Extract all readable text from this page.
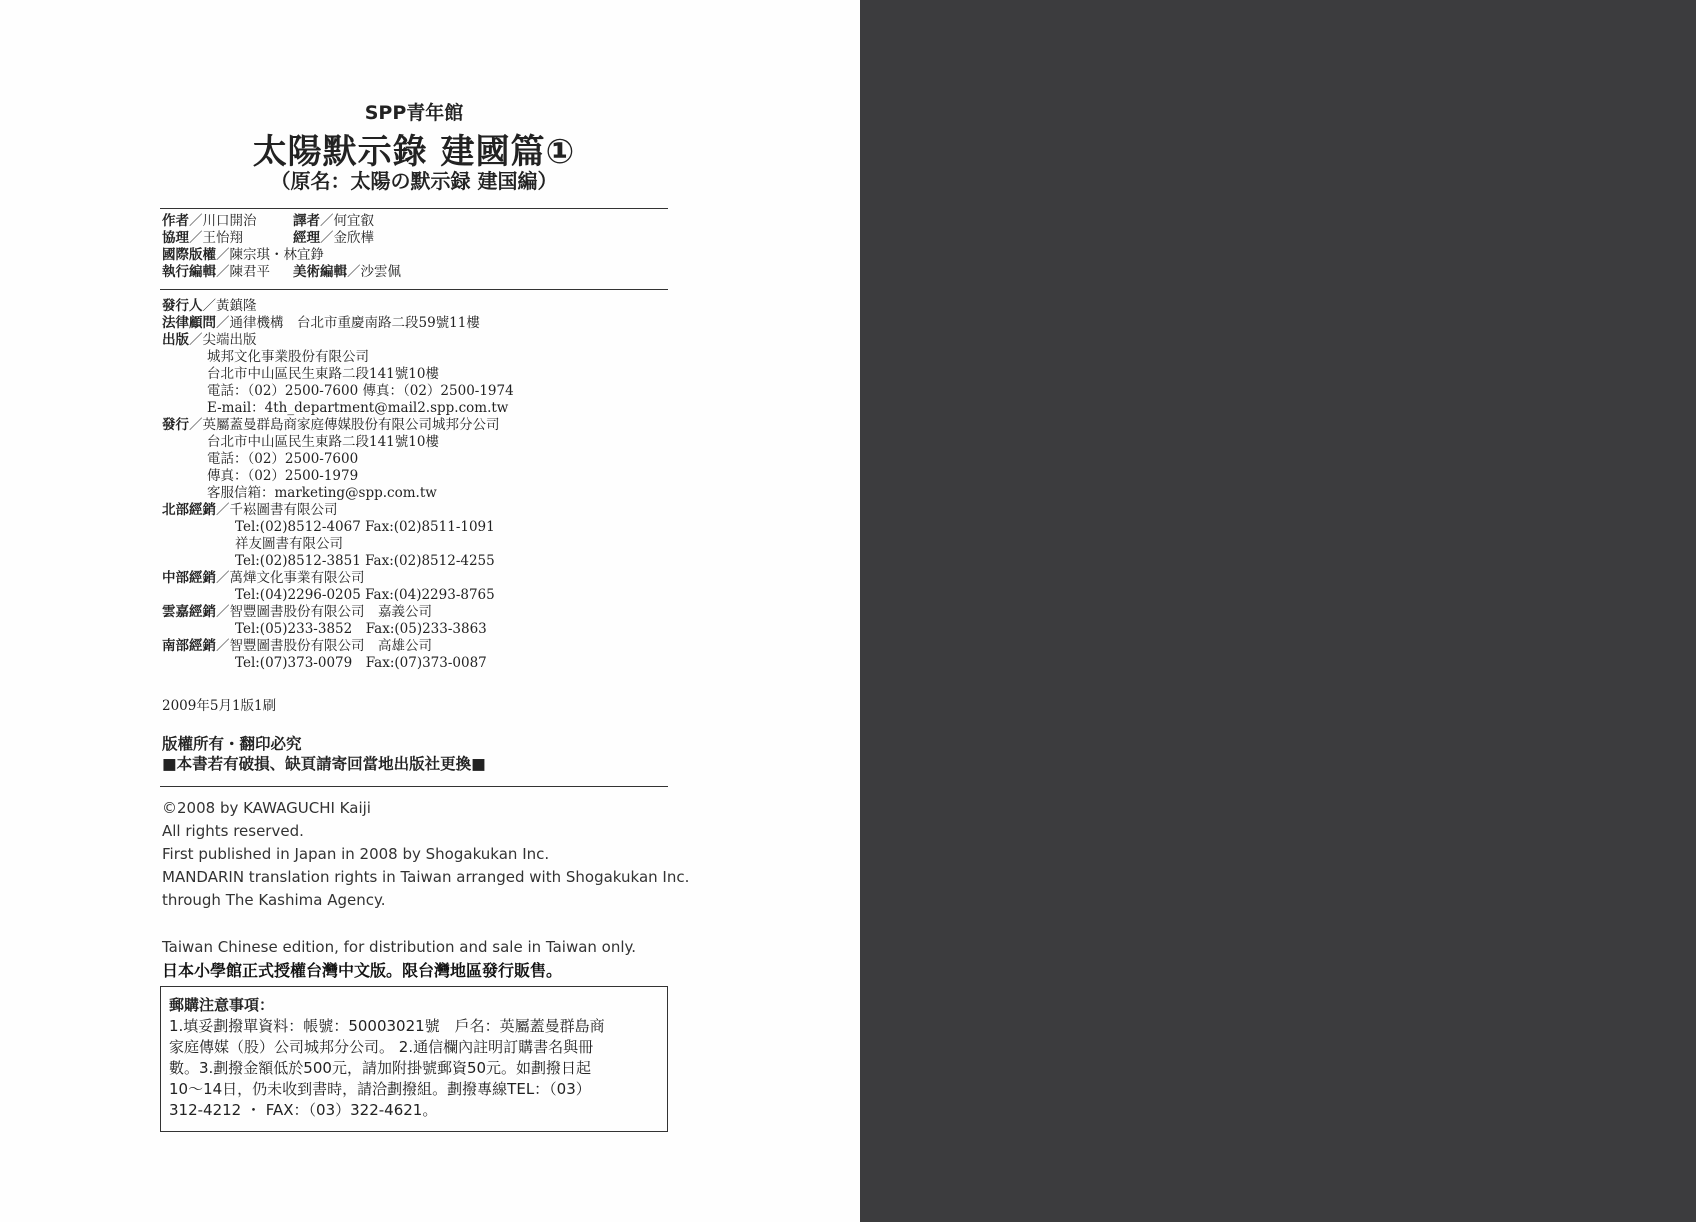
SPP青年館
太陽默示錄 建國篇①
（原名：太陽の默示録 建国編）
作者／川口開治	譯者／何宜叡
協理／王怡翔	經理／金欣樺
國際版權／陳宗琪・林宜錚
執行編輯／陳君平 美術編輯／沙雲佩
發行人／黃鎮隆
法律顧問／通律機構　台北市重慶南路二段59號11樓
出版／尖端出版
城邦文化事業股份有限公司
台北市中山區民生東路二段141號10樓
電話：（02）2500-7600 傳真：（02）2500-1974
E-mail：4th_department@mail2.spp.com.tw
發行／英屬蓋曼群島商家庭傳媒股份有限公司城邦分公司
台北市中山區民生東路二段141號10樓
電話：（02）2500-7600
傳真：（02）2500-1979
客服信箱：marketing@spp.com.tw
北部經銷／千崧圖書有限公司
Tel:(02)8512-4067 Fax:(02)8511-1091
祥友圖書有限公司
Tel:(02)8512-3851 Fax:(02)8512-4255
中部經銷／萬燁文化事業有限公司
Tel:(04)2296-0205 Fax:(04)2293-8765
雲嘉經銷／智豐圖書股份有限公司　嘉義公司
Tel:(05)233-3852　Fax:(05)233-3863
南部經銷／智豐圖書股份有限公司　高雄公司
Tel:(07)373-0079　Fax:(07)373-0087
2009年5月1版1刷
版權所有・翻印必究
■本書若有破損、缺頁請寄回當地出版社更換■
©2008 by KAWAGUCHI Kaiji
All rights reserved.
First published in Japan in 2008 by Shogakukan Inc.
MANDARIN translation rights in Taiwan arranged with Shogakukan Inc.
through The Kashima Agency.
Taiwan Chinese edition, for distribution and sale in Taiwan only.
日本小學館正式授權台灣中文版。限台灣地區發行販售。
郵購注意事項：
1.填妥劃撥單資料：帳號：50003021號　戶名：英屬蓋曼群島商
家庭傳媒（股）公司城邦分公司。 2.通信欄內註明訂購書名與冊
數。3.劃撥金額低於500元，請加附掛號郵資50元。如劃撥日起
10～14日，仍未收到書時，請洽劃撥組。劃撥專線TEL：（03）
312-4212 ・ FAX：（03）322-4621。
